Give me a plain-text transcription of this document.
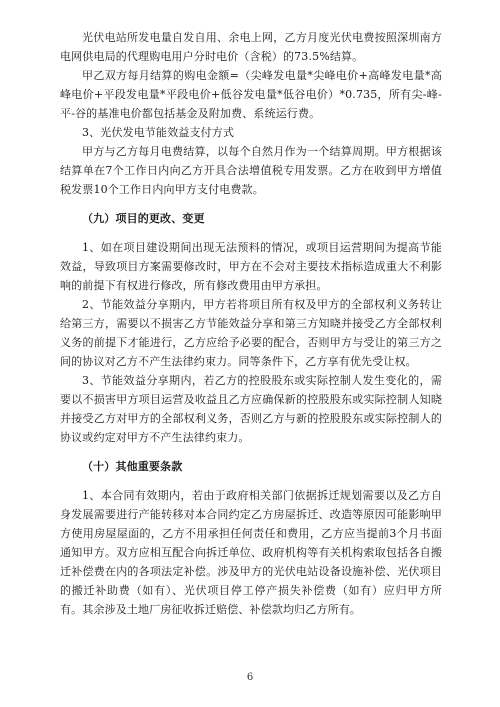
光伏电站所发电量自发自用、余电上网，乙方月度光伏电费按照深圳南方电网供电局的代理购电用户分时电价（含税）的73.5%结算。

甲乙双方每月结算的购电金额=（尖峰发电量*尖峰电价+高峰发电量*高峰电价+平段发电量*平段电价+低谷发电量*低谷电价）*0.735，所有尖-峰-平-谷的基准电价都包括基金及附加费、系统运行费。

3、光伏发电节能效益支付方式

甲方与乙方每月电费结算，以每个自然月作为一个结算周期。甲方根据该结算单在7个工作日内向乙方开具合法增值税专用发票。乙方在收到甲方增值税发票10个工作日内向甲方支付电费款。

（九）项目的更改、变更

1、如在项目建设期间出现无法预料的情况，或项目运营期间为提高节能效益，导致项目方案需要修改时，甲方在不会对主要技术指标造成重大不利影响的前提下有权进行修改，所有修改费用由甲方承担。

2、节能效益分享期内，甲方若将项目所有权及甲方的全部权利义务转让给第三方，需要以不损害乙方节能效益分享和第三方知晓并接受乙方全部权利义务的前提下才能进行，乙方应给予必要的配合，否则甲方与受让的第三方之间的协议对乙方不产生法律约束力。同等条件下，乙方享有优先受让权。

3、节能效益分享期内，若乙方的控股股东或实际控制人发生变化的，需要以不损害甲方项目运营及收益且乙方应确保新的控股股东或实际控制人知晓并接受乙方对甲方的全部权利义务，否则乙方与新的控股股东或实际控制人的协议或约定对甲方不产生法律约束力。

（十）其他重要条款

1、本合同有效期内，若由于政府相关部门依据拆迁规划需要以及乙方自身发展需要进行产能转移对本合同约定乙方房屋拆迁、改造等原因可能影响甲方使用房屋屋面的，乙方不用承担任何责任和费用，乙方应当提前3个月书面通知甲方。双方应相互配合向拆迁单位、政府机构等有关机构索取包括各自搬迁补偿费在内的各项法定补偿。涉及甲方的光伏电站设备设施补偿、光伏项目的搬迁补助费（如有）、光伏项目停工停产损失补偿费（如有）应归甲方所有。其余涉及土地厂房征收拆迁赔偿、补偿款均归乙方所有。

6
